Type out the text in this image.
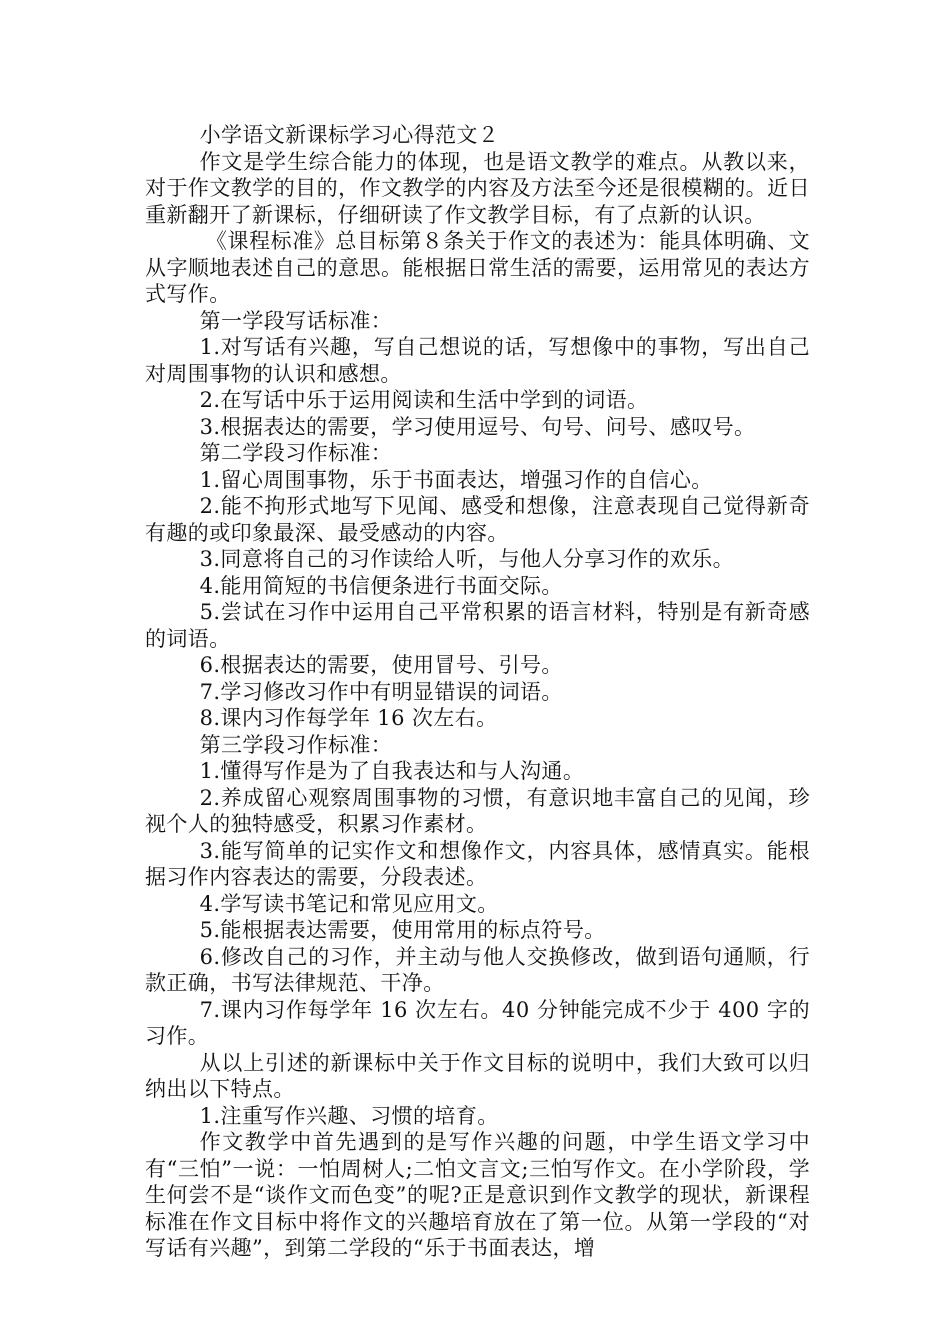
小学语文新课标学习心得范文２

作文是学生综合能力的体现，也是语文教学的难点。从教以来，对于作文教学的目的，作文教学的内容及方法至今还是很模糊的。近日重新翻开了新课标，仔细研读了作文教学目标，有了点新的认识。

《课程标准》总目标第８条关于作文的表述为：能具体明确、文从字顺地表述自己的意思。能根据日常生活的需要，运用常见的表达方式写作。

第一学段写话标准：

1.对写话有兴趣，写自己想说的话，写想像中的事物，写出自己对周围事物的认识和感想。

2.在写话中乐于运用阅读和生活中学到的词语。

3.根据表达的需要，学习使用逗号、句号、问号、感叹号。

第二学段习作标准：

1.留心周围事物，乐于书面表达，增强习作的自信心。

2.能不拘形式地写下见闻、感受和想像，注意表现自己觉得新奇有趣的或印象最深、最受感动的内容。

3.同意将自己的习作读给人听，与他人分享习作的欢乐。

4.能用简短的书信便条进行书面交际。

5.尝试在习作中运用自己平常积累的语言材料，特别是有新奇感的词语。

6.根据表达的需要，使用冒号、引号。

7.学习修改习作中有明显错误的词语。

8.课内习作每学年 16 次左右。

第三学段习作标准：

1.懂得写作是为了自我表达和与人沟通。

2.养成留心观察周围事物的习惯，有意识地丰富自己的见闻，珍视个人的独特感受，积累习作素材。

3.能写简单的记实作文和想像作文，内容具体，感情真实。能根据习作内容表达的需要，分段表述。

4.学写读书笔记和常见应用文。

5.能根据表达需要，使用常用的标点符号。

6.修改自己的习作，并主动与他人交换修改，做到语句通顺，行款正确，书写法律规范、干净。

7.课内习作每学年 16 次左右。40 分钟能完成不少于 400 字的习作。

从以上引述的新课标中关于作文目标的说明中，我们大致可以归纳出以下特点。

1.注重写作兴趣、习惯的培育。

作文教学中首先遇到的是写作兴趣的问题，中学生语文学习中有“三怕”一说：一怕周树人;二怕文言文;三怕写作文。在小学阶段，学生何尝不是“谈作文而色变”的呢?正是意识到作文教学的现状，新课程标准在作文目标中将作文的兴趣培育放在了第一位。从第一学段的“对写话有兴趣”，到第二学段的“乐于书面表达，增
